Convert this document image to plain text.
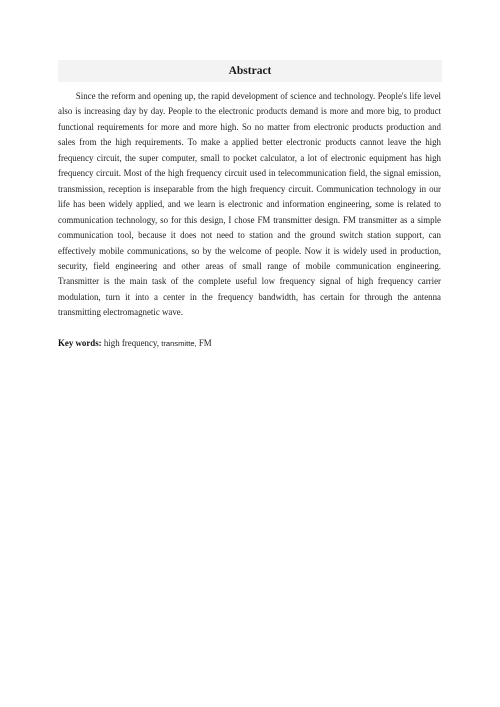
Abstract

Since the reform and opening up, the rapid development of science and technology. People's life level also is increasing day by day. People to the electronic products demand is more and more big, to product functional requirements for more and more high. So no matter from electronic products production and sales from the high requirements. To make a applied better electronic products cannot leave the high frequency circuit, the super computer, small to pocket calculator, a lot of electronic equipment has high frequency circuit. Most of the high frequency circuit used in telecommunication field, the signal emission, transmission, reception is inseparable from the high frequency circuit. Communication technology in our life has been widely applied, and we learn is electronic and information engineering, some is related to communication technology, so for this design, I chose FM transmitter design. FM transmitter as a simple communication tool, because it does not need to station and the ground switch station support, can effectively mobile communications, so by the welcome of people. Now it is widely used in production, security, field engineering and other areas of small range of mobile communication engineering. Transmitter is the main task of the complete useful low frequency signal of high frequency carrier modulation, turn it into a center in the frequency bandwidth, has certain for through the antenna transmitting electromagnetic wave.

Key words: high frequency, transmitte, FM
